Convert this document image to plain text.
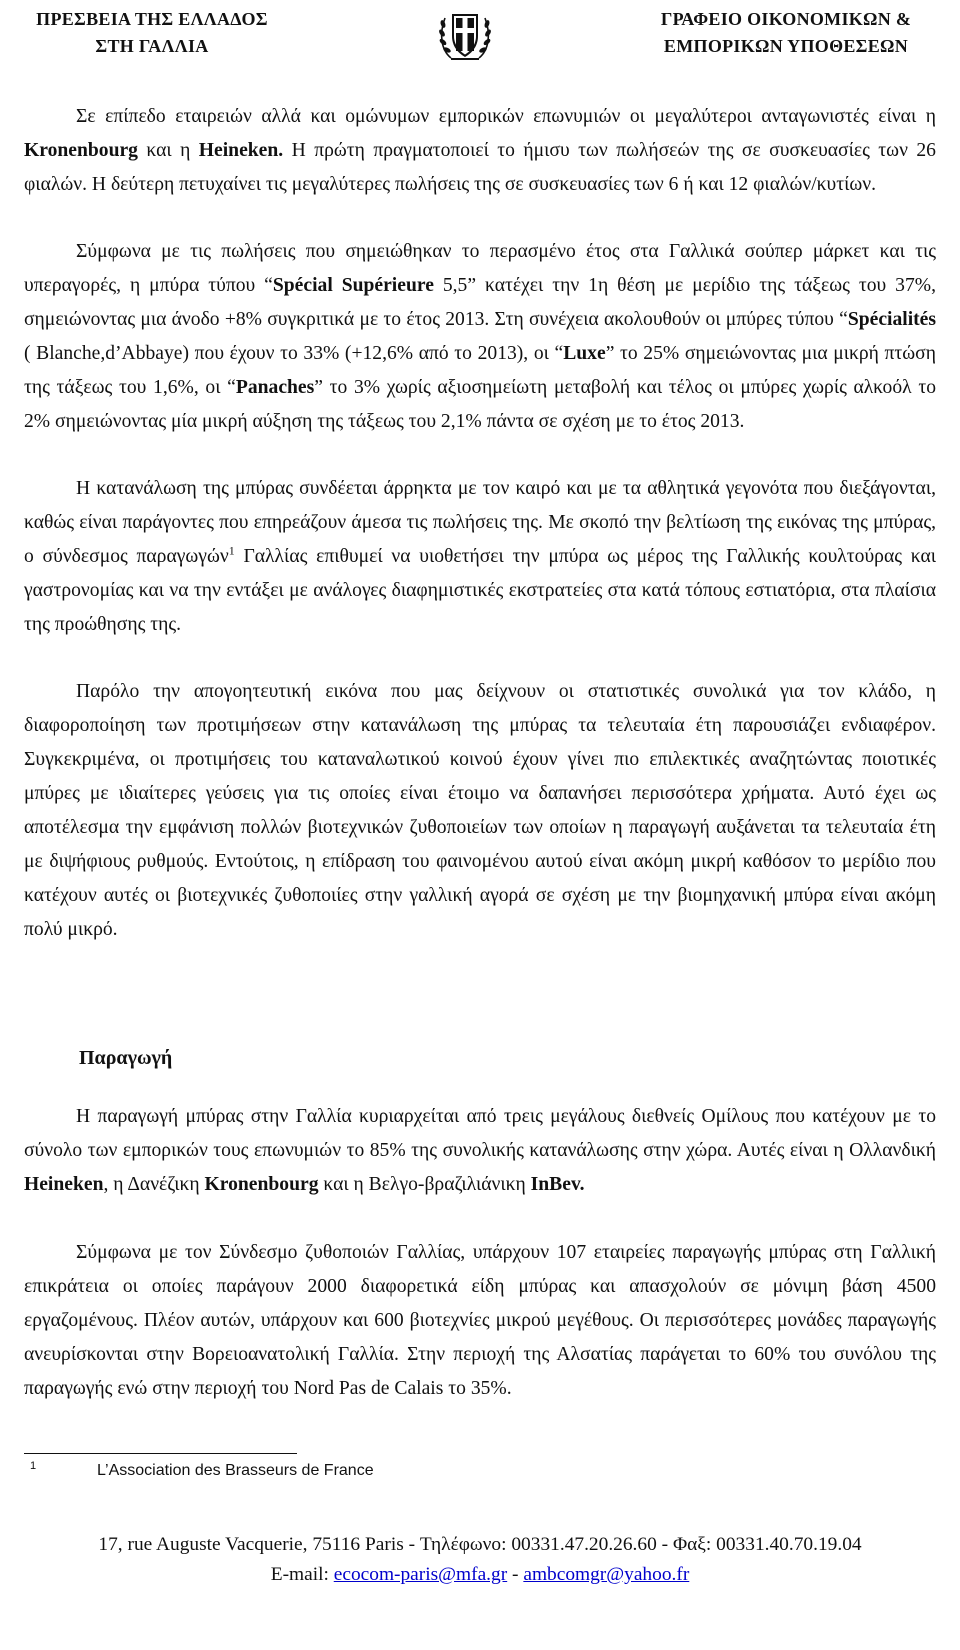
ΠΡΕΣΒΕΙΑ ΤΗΣ ΕΛΛΑΔΟΣ
ΣΤΗ ΓΑΛΛΙΑ
ΓΡΑΦΕΙΟ ΟΙΚΟΝΟΜΙΚΩΝ &
ΕΜΠΟΡΙΚΩΝ ΥΠΟΘΕΣΕΩΝ

Σε επίπεδο εταιρειών αλλά και ομώνυμων εμπορικών επωνυμιών οι μεγαλύτεροι ανταγωνιστές είναι η Kronenbourg και η Heineken. Η πρώτη πραγματοποιεί το ήμισυ των πωλήσεών της σε συσκευασίες των 26 φιαλών. Η δεύτερη πετυχαίνει τις μεγαλύτερες πωλήσεις της σε συσκευασίες των 6 ή και 12 φιαλών/κυτίων.

Σύμφωνα με τις πωλήσεις που σημειώθηκαν το περασμένο έτος στα Γαλλικά σούπερ μάρκετ και τις υπεραγορές, η μπύρα τύπου “Spécial Supérieure 5,5” κατέχει την 1η θέση με μερίδιο της τάξεως του 37%, σημειώνοντας μια άνοδο +8% συγκριτικά με το έτος 2013. Στη συνέχεια ακολουθούν οι μπύρες τύπου “Spécialités ( Blanche,d’Abbaye) που έχουν το 33% (+12,6% από το 2013), οι “Luxe” το 25% σημειώνοντας μια μικρή πτώση της τάξεως του 1,6%, οι “Panaches” το 3% χωρίς αξιοσημείωτη μεταβολή και τέλος οι μπύρες χωρίς αλκοόλ το 2% σημειώνοντας μία μικρή αύξηση της τάξεως του 2,1% πάντα σε σχέση με το έτος 2013.

Η κατανάλωση της μπύρας συνδέεται άρρηκτα με τον καιρό και με τα αθλητικά γεγονότα που διεξάγονται, καθώς είναι παράγοντες που επηρεάζουν άμεσα τις πωλήσεις της. Με σκοπό την βελτίωση της εικόνας της μπύρας, ο σύνδεσμος παραγωγών$^1$ Γαλλίας επιθυμεί να υιοθετήσει την μπύρα ως μέρος της Γαλλικής κουλτούρας και γαστρονομίας και να την εντάξει με ανάλογες διαφημιστικές εκστρατείες στα κατά τόπους εστιατόρια, στα πλαίσια της προώθησης της.

Παρόλο την απογοητευτική εικόνα που μας δείχνουν οι στατιστικές συνολικά για τον κλάδο, η διαφοροποίηση των προτιμήσεων στην κατανάλωση της μπύρας τα τελευταία έτη παρουσιάζει ενδιαφέρον. Συγκεκριμένα, οι προτιμήσεις του καταναλωτικού κοινού έχουν γίνει πιο επιλεκτικές αναζητώντας ποιοτικές μπύρες με ιδιαίτερες γεύσεις για τις οποίες είναι έτοιμο να δαπανήσει περισσότερα χρήματα. Αυτό έχει ως αποτέλεσμα την εμφάνιση πολλών βιοτεχνικών ζυθοποιείων των οποίων η παραγωγή αυξάνεται τα τελευταία έτη με διψήφιους ρυθμούς. Εντούτοις, η επίδραση του φαινομένου αυτού είναι ακόμη μικρή καθόσον το μερίδιο που κατέχουν αυτές οι βιοτεχνικές ζυθοποιίες στην γαλλική αγορά σε σχέση με την βιομηχανική μπύρα είναι ακόμη πολύ μικρό.

Παραγωγή

Η παραγωγή μπύρας στην Γαλλία κυριαρχείται από τρεις μεγάλους διεθνείς Ομίλους που κατέχουν με το σύνολο των εμπορικών τους επωνυμιών το 85% της συνολικής κατανάλωσης στην χώρα. Αυτές είναι η Ολλανδική Heineken, η Δανέζικη Kronenbourg και η Βελγο-βραζιλιάνικη InBev.

Σύμφωνα με τον Σύνδεσμο ζυθοποιών Γαλλίας, υπάρχουν 107 εταιρείες παραγωγής μπύρας στη Γαλλική επικράτεια οι οποίες παράγουν 2000 διαφορετικά είδη μπύρας και απασχολούν σε μόνιμη βάση 4500 εργαζομένους. Πλέον αυτών, υπάρχουν και 600 βιοτεχνίες μικρού μεγέθους. Οι περισσότερες μονάδες παραγωγής ανευρίσκονται στην Βορειοανατολική Γαλλία. Στην περιοχή της Αλσατίας παράγεται το 60% του συνόλου της παραγωγής ενώ στην περιοχή του Nord Pas de Calais το 35%.

1	L’Association des Brasseurs de France
17, rue Auguste Vacquerie, 75116 Paris - Τηλέφωνο: 00331.47.20.26.60 - Φαξ: 00331.40.70.19.04
E-mail: ecocom-paris@mfa.gr - ambcomgr@yahoo.fr
